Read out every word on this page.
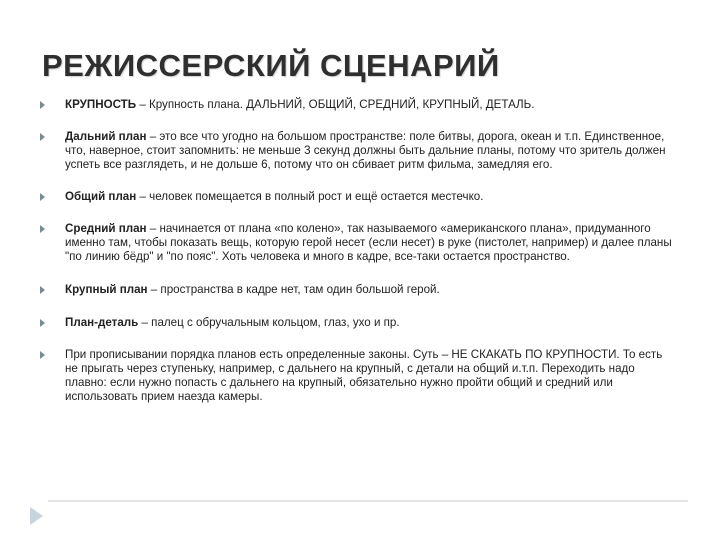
РЕЖИССЕРСКИЙ СЦЕНАРИЙ
КРУПНОСТЬ – Крупность плана. ДАЛЬНИЙ, ОБЩИЙ, СРЕДНИЙ, КРУПНЫЙ, ДЕТАЛЬ.
Дальний план – это все что угодно на большом пространстве: поле битвы, дорога, океан и т.п. Единственное, что, наверное, стоит запомнить: не меньше 3 секунд должны быть дальние планы, потому что зритель должен успеть все разглядеть, и не дольше 6, потому что он сбивает ритм фильма, замедляя его.
Общий план – человек помещается в полный рост и ещё остается местечко.
Средний план – начинается от плана «по колено», так называемого «американского плана», придуманного именно там, чтобы показать вещь, которую герой несет (если несет) в руке (пистолет, например) и далее планы "по линию бёдр" и "по пояс". Хоть человека и много в кадре, все-таки остается пространство.
Крупный план – пространства в кадре нет, там один большой герой.
План-деталь – палец с обручальным кольцом, глаз, ухо и пр.
При прописывании порядка планов есть определенные законы. Суть – НЕ СКАКАТЬ ПО КРУПНОСТИ. То есть не прыгать через ступеньку, например, с дальнего на крупный, с детали на общий и.т.п. Переходить надо плавно: если нужно попасть с дальнего на крупный, обязательно нужно пройти общий и средний или использовать прием наезда камеры.
